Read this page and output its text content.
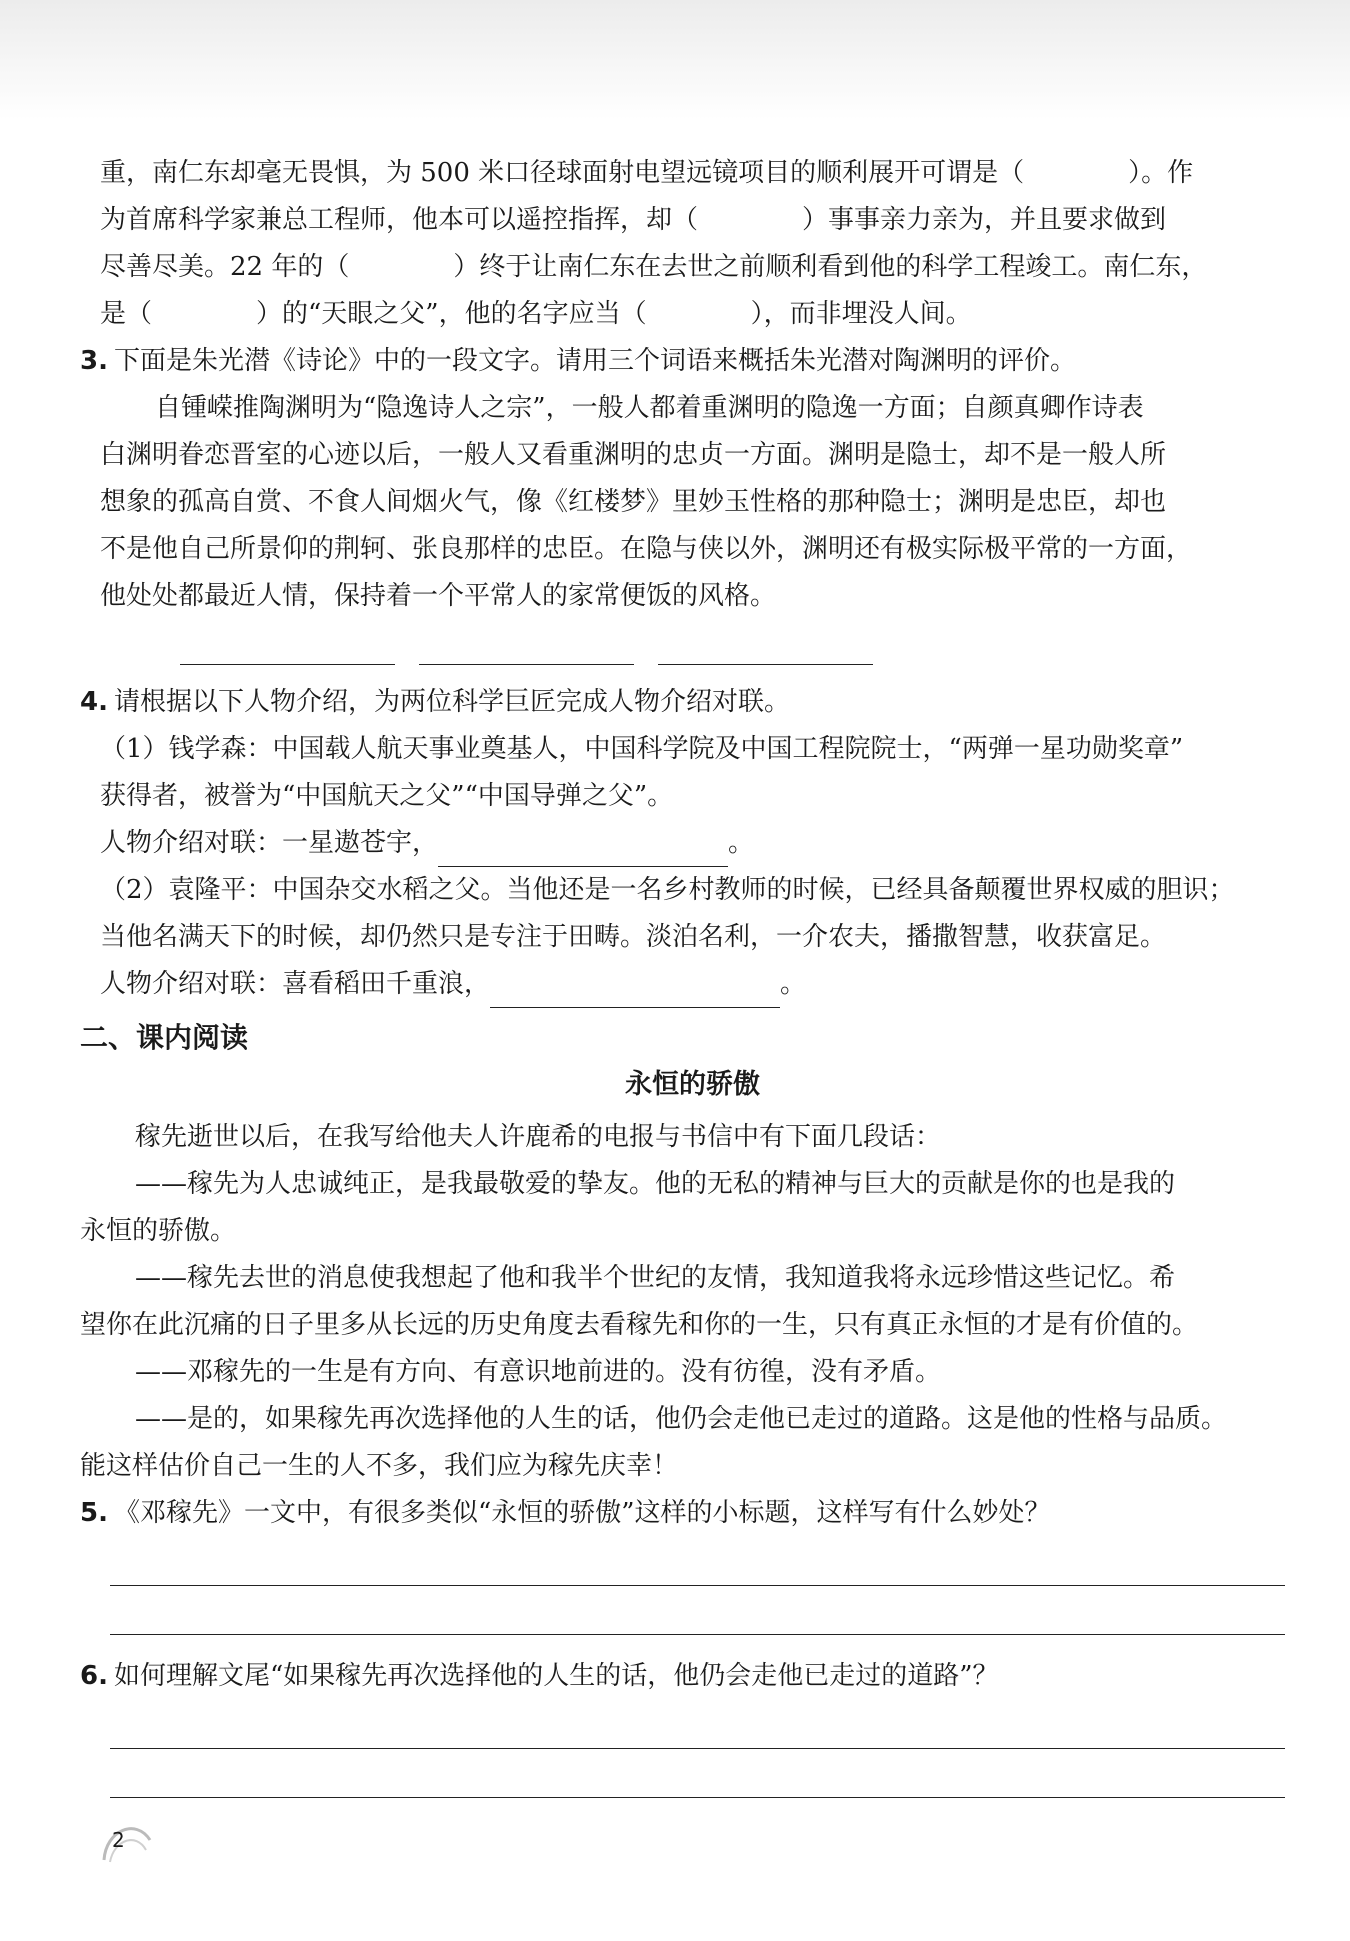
重，南仁东却毫无畏惧，为 500 米口径球面射电望远镜项目的顺利展开可谓是（　　　　）。作

为首席科学家兼总工程师，他本可以遥控指挥，却（　　　　）事事亲力亲为，并且要求做到

尽善尽美。22 年的（　　　　）终于让南仁东在去世之前顺利看到他的科学工程竣工。南仁东，

是（　　　　）的“天眼之父”，他的名字应当（　　　　），而非埋没人间。

3. 下面是朱光潜《诗论》中的一段文字。请用三个词语来概括朱光潜对陶渊明的评价。

自锺嵘推陶渊明为“隐逸诗人之宗”，一般人都着重渊明的隐逸一方面；自颜真卿作诗表

白渊明眷恋晋室的心迹以后，一般人又看重渊明的忠贞一方面。渊明是隐士，却不是一般人所

想象的孤高自赏、不食人间烟火气，像《红楼梦》里妙玉性格的那种隐士；渊明是忠臣，却也

不是他自己所景仰的荆轲、张良那样的忠臣。在隐与侠以外，渊明还有极实际极平常的一方面，

他处处都最近人情，保持着一个平常人的家常便饭的风格。

4. 请根据以下人物介绍，为两位科学巨匠完成人物介绍对联。

（1）钱学森：中国载人航天事业奠基人，中国科学院及中国工程院院士，“两弹一星功勋奖章”

获得者，被誉为“中国航天之父”“中国导弹之父”。

人物介绍对联：一星遨苍宇，	。

（2）袁隆平：中国杂交水稻之父。当他还是一名乡村教师的时候，已经具备颠覆世界权威的胆识；

当他名满天下的时候，却仍然只是专注于田畴。淡泊名利，一介农夫，播撒智慧，收获富足。

人物介绍对联：喜看稻田千重浪，	。

二、课内阅读
永恒的骄傲

稼先逝世以后，在我写给他夫人许鹿希的电报与书信中有下面几段话：

——稼先为人忠诚纯正，是我最敬爱的挚友。他的无私的精神与巨大的贡献是你的也是我的

永恒的骄傲。

——稼先去世的消息使我想起了他和我半个世纪的友情，我知道我将永远珍惜这些记忆。希

望你在此沉痛的日子里多从长远的历史角度去看稼先和你的一生，只有真正永恒的才是有价值的。

——邓稼先的一生是有方向、有意识地前进的。没有彷徨，没有矛盾。

——是的，如果稼先再次选择他的人生的话，他仍会走他已走过的道路。这是他的性格与品质。

能这样估价自己一生的人不多，我们应为稼先庆幸！

5. 《邓稼先》一文中，有很多类似“永恒的骄傲”这样的小标题，这样写有什么妙处？

6. 如何理解文尾“如果稼先再次选择他的人生的话，他仍会走他已走过的道路”？

2
